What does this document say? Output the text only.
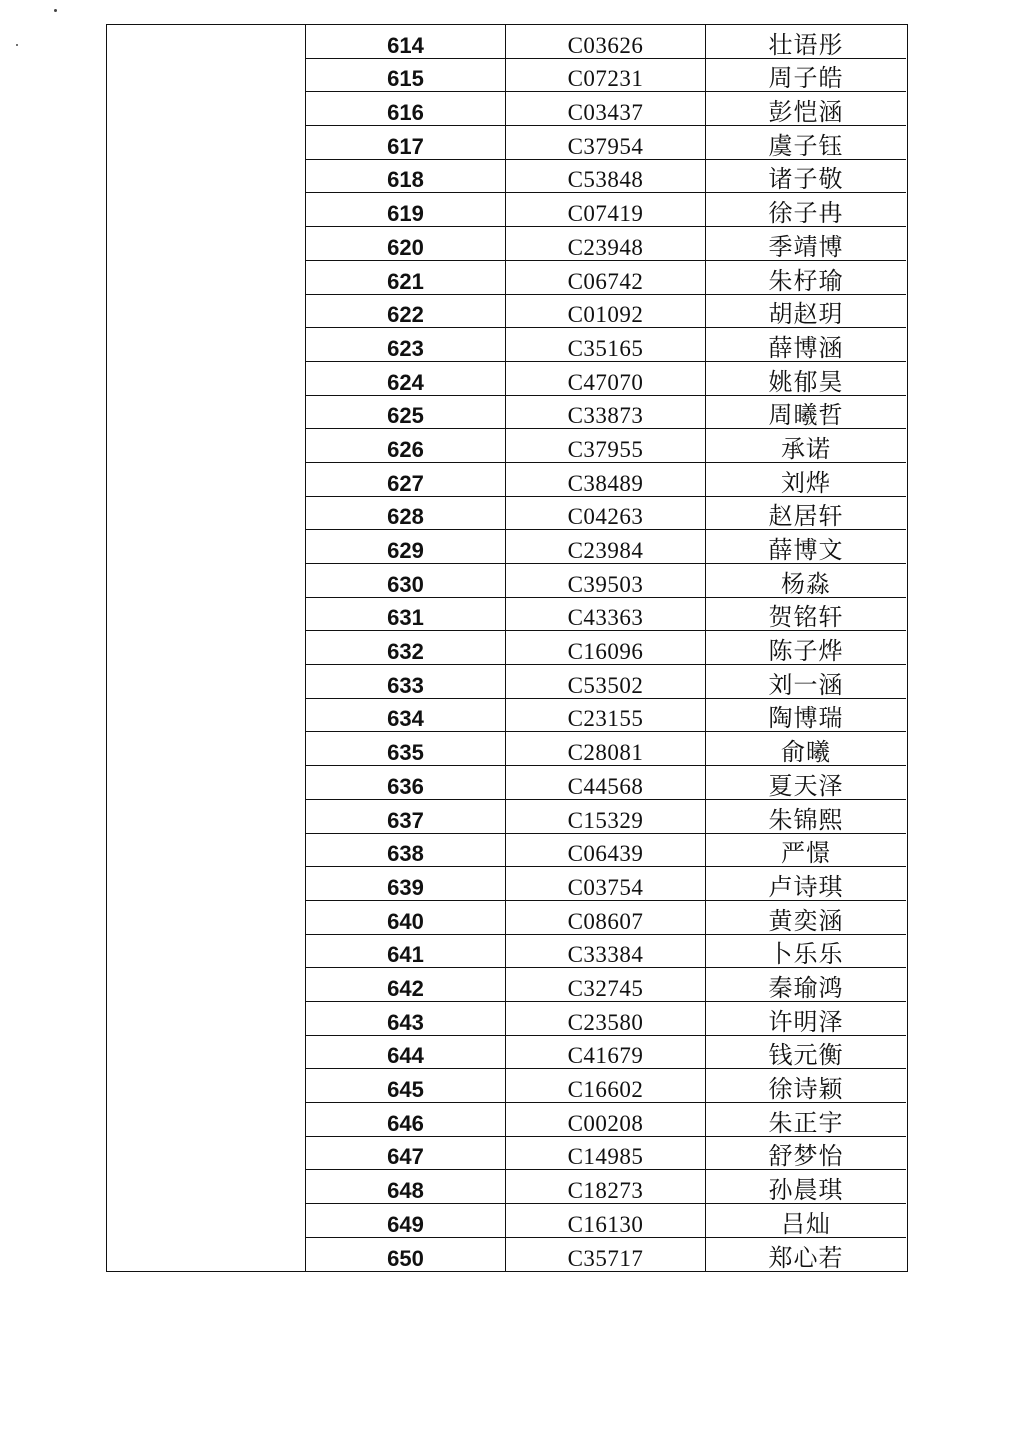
614	C03626	壮语彤
615	C07231	周子皓
616	C03437	彭恺涵
617	C37954	虞子钰
618	C53848	诸子敬
619	C07419	徐子冉
620	C23948	季靖博
621	C06742	朱杍瑜
622	C01092	胡赵玥
623	C35165	薛博涵
624	C47070	姚郁昊
625	C33873	周曦哲
626	C37955	承诺
627	C38489	刘烨
628	C04263	赵居轩
629	C23984	薛博文
630	C39503	杨淼
631	C43363	贺铭轩
632	C16096	陈子烨
633	C53502	刘一涵
634	C23155	陶博瑞
635	C28081	俞曦
636	C44568	夏天泽
637	C15329	朱锦熙
638	C06439	严憬
639	C03754	卢诗琪
640	C08607	黄奕涵
641	C33384	卜乐乐
642	C32745	秦瑜鸿
643	C23580	许明泽
644	C41679	钱元衡
645	C16602	徐诗颖
646	C00208	朱正宇
647	C14985	舒梦怡
648	C18273	孙晨琪
649	C16130	吕灿
650	C35717	郑心若
